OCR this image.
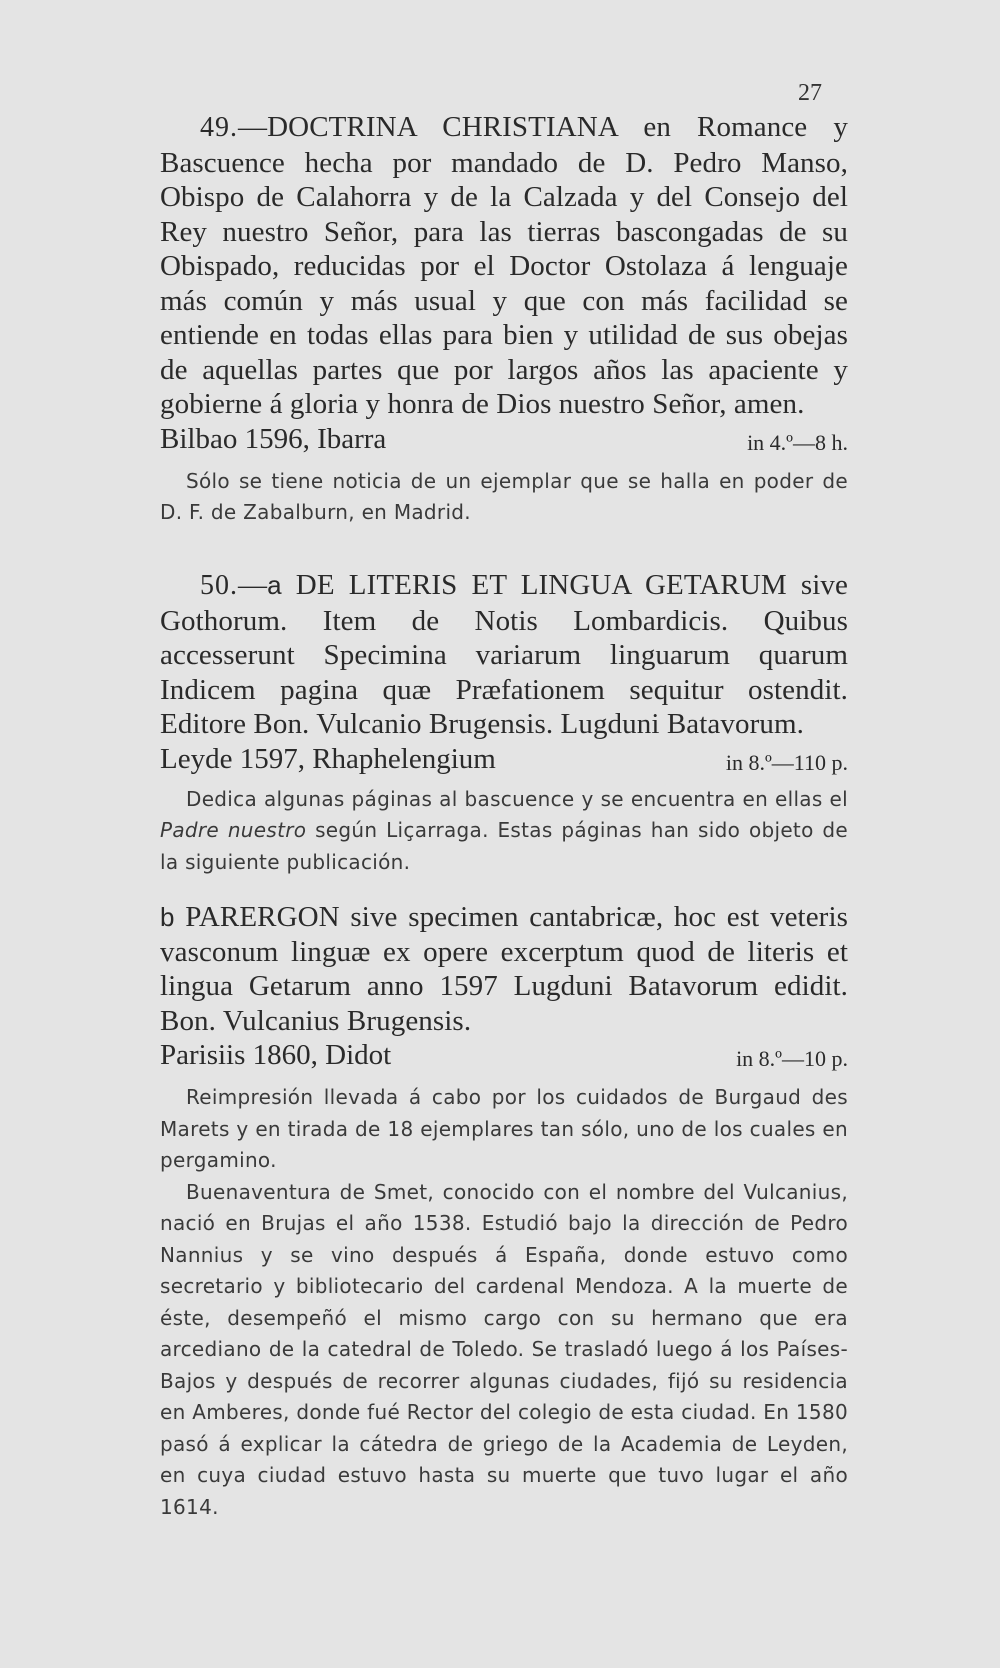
27
49.—DOCTRINA CHRISTIANA en Romance y Bascuence hecha por mandado de D. Pedro Manso, Obispo de Calahorra y de la Calzada y del Consejo del Rey nuestro Señor, para las tierras bascongadas de su Obispado, reducidas por el Doctor Ostolaza á lenguaje más común y más usual y que con más facilidad se entiende en todas ellas para bien y utilidad de sus obejas de aquellas partes que por largos años las apaciente y gobierne á gloria y honra de Dios nuestro Señor, amen.
Bilbao 1596, Ibarra	in 4.º—8 h.
Sólo se tiene noticia de un ejemplar que se halla en poder de D. F. de Zabalburn, en Madrid.
50.—a DE LITERIS ET LINGUA GETARUM sive Gothorum. Item de Notis Lombardicis. Quibus accesserunt Specimina variarum linguarum quarum Indicem pagina quæ Præfationem sequitur ostendit. Editore Bon. Vulcanio Brugensis. Lugduni Batavorum.
Leyde 1597, Rhaphelengium	in 8.º—110 p.
Dedica algunas páginas al bascuence y se encuentra en ellas el Padre nuestro según Liçarraga. Estas páginas han sido objeto de la siguiente publicación.
b PARERGON sive specimen cantabricæ, hoc est veteris vasconum linguæ ex opere excerptum quod de literis et lingua Getarum anno 1597 Lugduni Batavorum edidit. Bon. Vulcanius Brugensis.
Parisiis 1860, Didot	in 8.º—10 p.
Reimpresión llevada á cabo por los cuidados de Burgaud des Marets y en tirada de 18 ejemplares tan sólo, uno de los cuales en pergamino.
Buenaventura de Smet, conocido con el nombre del Vulcanius, nació en Brujas el año 1538. Estudió bajo la dirección de Pedro Nannius y se vino después á España, donde estuvo como secretario y bibliotecario del cardenal Mendoza. A la muerte de éste, desempeñó el mismo cargo con su hermano que era arcediano de la catedral de Toledo. Se trasladó luego á los Países-Bajos y después de recorrer algunas ciudades, fijó su residencia en Amberes, donde fué Rector del colegio de esta ciudad. En 1580 pasó á explicar la cátedra de griego de la Academia de Leyden, en cuya ciudad estuvo hasta su muerte que tuvo lugar el año 1614.
